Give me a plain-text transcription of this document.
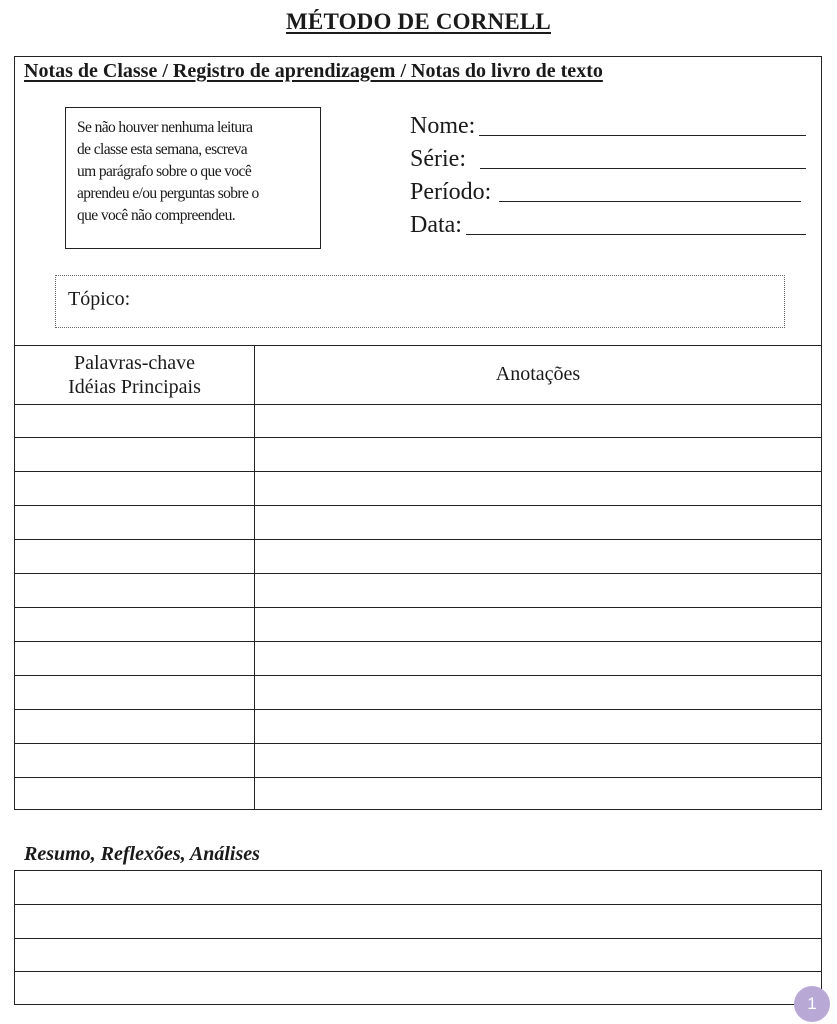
MÉTODO DE CORNELL
Notas de Classe / Registro de aprendizagem / Notas do livro de texto
Se não houver nenhuma leitura
de classe esta semana, escreva
um parágrafo sobre o que você
aprendeu e/ou perguntas sobre o
que você não compreendeu.
Nome:
Série:
Período:
Data:
Tópico:
Palavras-chave
Idéias Principais
Anotações
Resumo, Reflexões, Análises
1
